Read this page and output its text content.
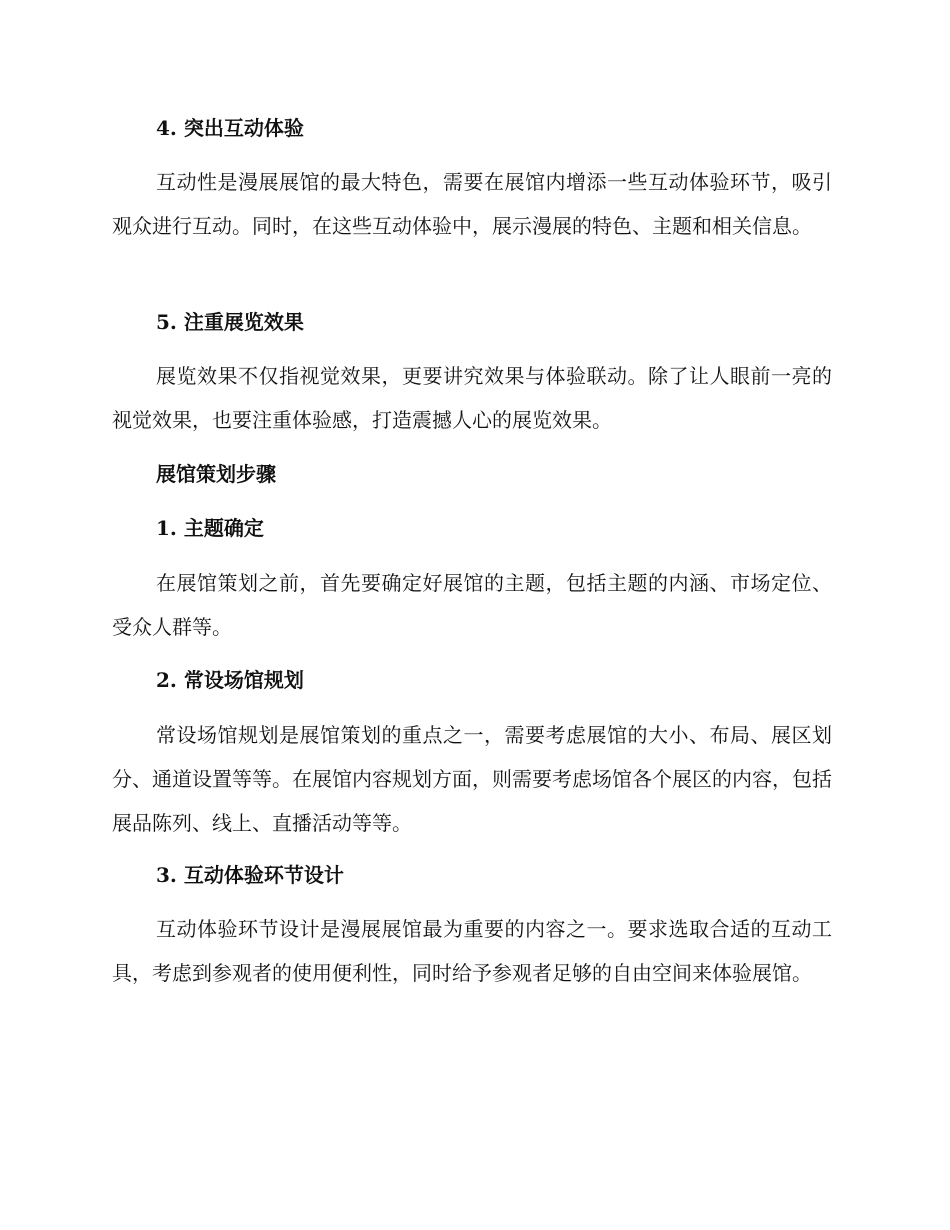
4. 突出互动体验
互动性是漫展展馆的最大特色，需要在展馆内增添一些互动体验环节，吸引观众进行互动。同时，在这些互动体验中，展示漫展的特色、主题和相关信息。
5. 注重展览效果
展览效果不仅指视觉效果，更要讲究效果与体验联动。除了让人眼前一亮的视觉效果，也要注重体验感，打造震撼人心的展览效果。
展馆策划步骤
1. 主题确定
在展馆策划之前，首先要确定好展馆的主题，包括主题的内涵、市场定位、受众人群等。
2. 常设场馆规划
常设场馆规划是展馆策划的重点之一，需要考虑展馆的大小、布局、展区划分、通道设置等等。在展馆内容规划方面，则需要考虑场馆各个展区的内容，包括展品陈列、线上、直播活动等等。
3. 互动体验环节设计
互动体验环节设计是漫展展馆最为重要的内容之一。要求选取合适的互动工具，考虑到参观者的使用便利性，同时给予参观者足够的自由空间来体验展馆。
